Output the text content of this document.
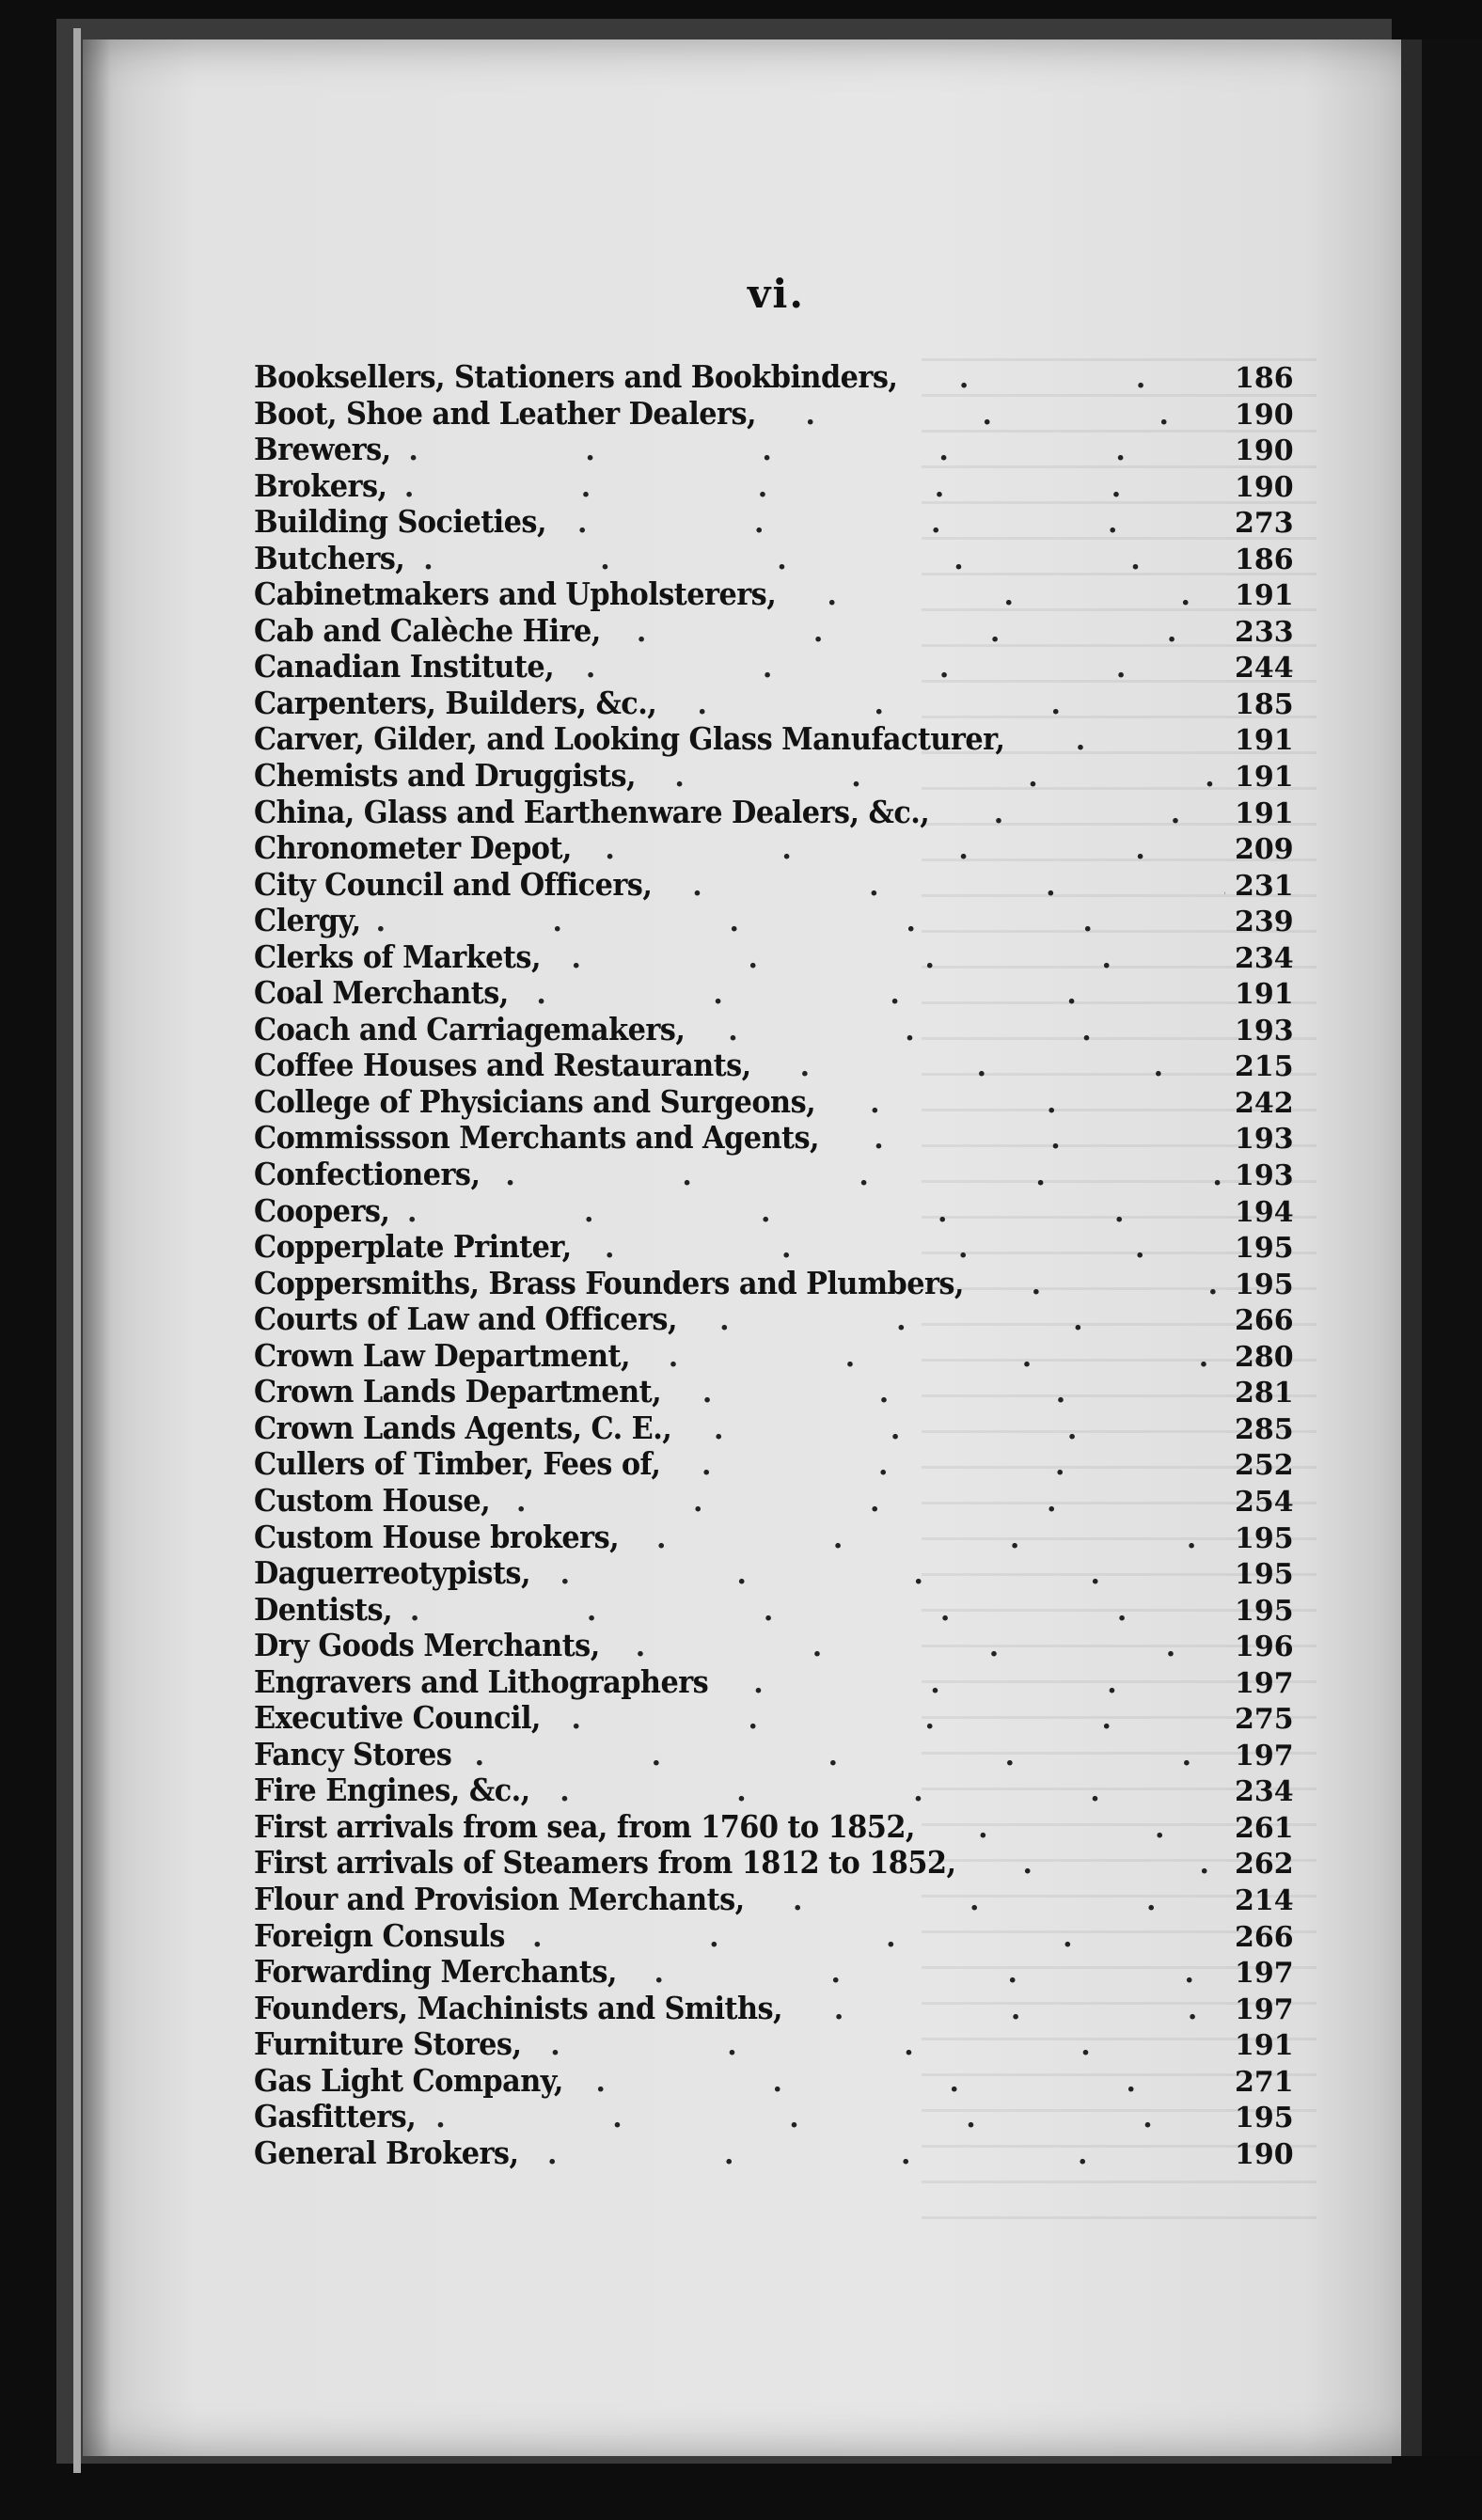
vi.
Booksellers, Stationers and Bookbinders, .	186
Boot, Shoe and Leather Dealers, .	190
Brewers, .	190
Brokers, .	190
Building Societies, .	273
Butchers, .	186
Cabinetmakers and Upholsterers, .	191
Cab and Calèche Hire, .	233
Canadian Institute, .	244
Carpenters, Builders, &c., .	185
Carver, Gilder, and Looking Glass Manufacturer, .	191
Chemists and Druggists, .	191
China, Glass and Earthenware Dealers, &c., .	191
Chronometer Depot, .	209
City Council and Officers, .	231
Clergy, .	239
Clerks of Markets, .	234
Coal Merchants, .	191
Coach and Carriagemakers, .	193
Coffee Houses and Restaurants, .	215
College of Physicians and Surgeons, .	242
Commissson Merchants and Agents, .	193
Confectioners, .	193
Coopers, .	194
Copperplate Printer, .	195
Coppersmiths, Brass Founders and Plumbers, .	195
Courts of Law and Officers, .	266
Crown Law Department, .	280
Crown Lands Department, .	281
Crown Lands Agents, C. E., .	285
Cullers of Timber, Fees of, .	252
Custom House, .	254
Custom House brokers, .	195
Daguerreotypists, .	195
Dentists, .	195
Dry Goods Merchants, .	196
Engravers and Lithographers .	197
Executive Council, .	275
Fancy Stores .	197
Fire Engines, &c., .	234
First arrivals from sea, from 1760 to 1852, .	261
First arrivals of Steamers from 1812 to 1852, .	262
Flour and Provision Merchants, .	214
Foreign Consuls .	266
Forwarding Merchants, .	197
Founders, Machinists and Smiths, .	197
Furniture Stores, .	191
Gas Light Company, .	271
Gasfitters, .	195
General Brokers, .	190
